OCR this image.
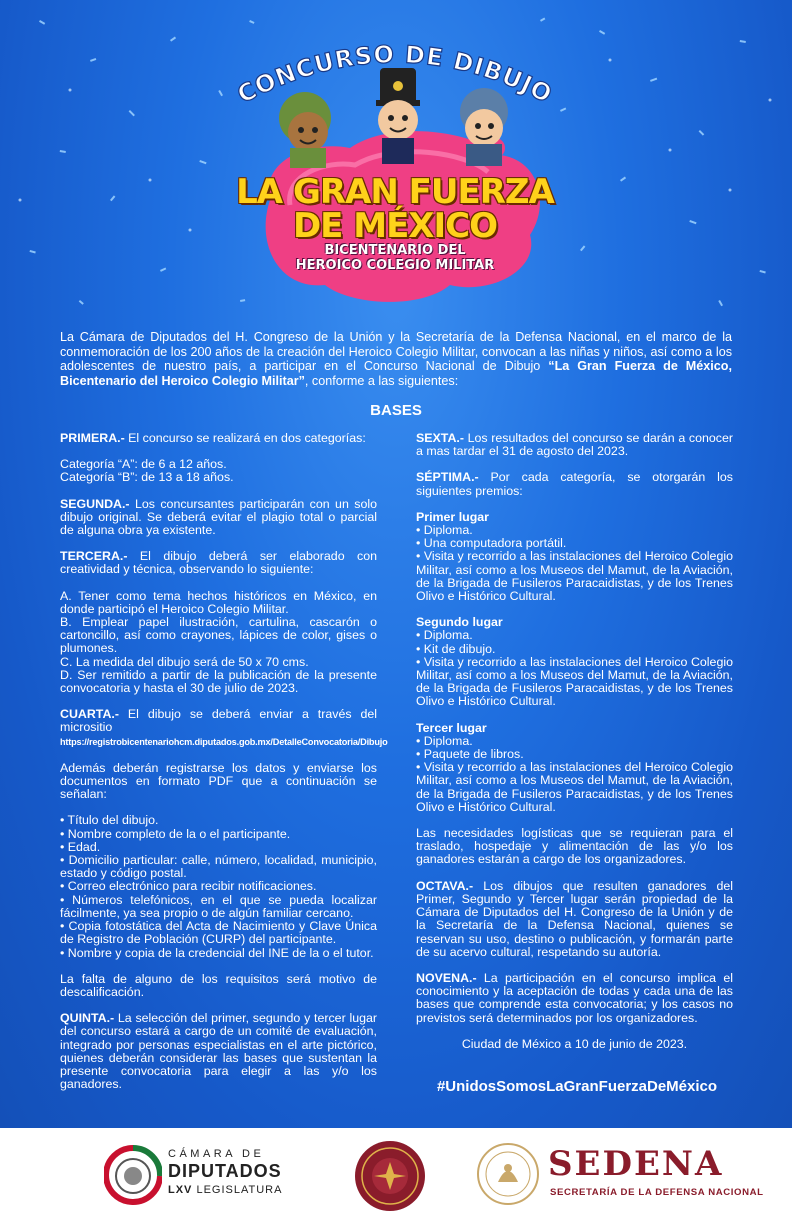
CONCURSO DE DIBUJO
LA GRAN FUERZA
DE MÉXICO
BICENTENARIO DEL
HEROICO COLEGIO MILITAR
La Cámara de Diputados del H. Congreso de la Unión y la Secretaría de la Defensa Nacional, en el marco de la conmemoración de los 200 años de la creación del Heroico Colegio Militar, convocan a las niñas y niños, así como a los adolescentes de nuestro país, a participar en el Concurso Nacional de Dibujo “La Gran Fuerza de México, Bicentenario del Heroico Colegio Militar”, conforme a las siguientes:
BASES

PRIMERA.- El concurso se realizará en dos categorías:

Categoría “A”: de 6 a 12 años.

Categoría “B”: de 13 a 18 años.

SEGUNDA.- Los concursantes participarán con un solo dibujo original. Se deberá evitar el plagio total o parcial de alguna obra ya existente.

TERCERA.- El dibujo deberá ser elaborado con creatividad y técnica, observando lo siguiente:

A. Tener como tema hechos históricos en México, en donde participó el Heroico Colegio Militar.

B. Emplear papel ilustración, cartulina, cascarón o cartoncillo, así como crayones, lápices de color, gises o plumones.

C. La medida del dibujo será de 50 x 70 cms.

D. Ser remitido a partir de la publicación de la presente convocatoria y hasta el 30 de julio de 2023.

CUARTA.- El dibujo se deberá enviar a través del micrositio
https://registrobicentenariohcm.diputados.gob.mx/DetalleConvocatoria/Dibujo

Además deberán registrarse los datos y enviarse los documentos en formato PDF que a continuación se señalan:

• Título del dibujo.

• Nombre completo de la o el participante.

• Edad.

• Domicilio particular: calle, número, localidad, municipio, estado y código postal.

• Correo electrónico para recibir notificaciones.

• Números telefónicos, en el que se pueda localizar fácilmente, ya sea propio o de algún familiar cercano.

• Copia fotostática del Acta de Nacimiento y Clave Única de Registro de Población (CURP) del participante.

• Nombre y copia de la credencial del INE de la o el tutor.

La falta de alguno de los requisitos será motivo de descalificación.

QUINTA.- La selección del primer, segundo y tercer lugar del concurso estará a cargo de un comité de evaluación, integrado por personas especialistas en el arte pictórico, quienes deberán considerar las bases que sustentan la presente convocatoria para elegir a las y/o los ganadores.

SEXTA.- Los resultados del concurso se darán a conocer a mas tardar el 31 de agosto del 2023.

SÉPTIMA.- Por cada categoría, se otorgarán los siguientes premios:

Primer lugar

• Diploma.

• Una computadora portátil.

• Visita y recorrido a las instalaciones del Heroico Colegio Militar, así como a los Museos del Mamut, de la Aviación, de la Brigada de Fusileros Paracaidistas, y de los Trenes Olivo e Histórico Cultural.

Segundo lugar

• Diploma.

• Kit de dibujo.

• Visita y recorrido a las instalaciones del Heroico Colegio Militar, así como a los Museos del Mamut, de la Aviación, de la Brigada de Fusileros Paracaidistas, y de los Trenes Olivo e Histórico Cultural.

Tercer lugar

• Diploma.

• Paquete de libros.

• Visita y recorrido a las instalaciones del Heroico Colegio Militar, así como a los Museos del Mamut, de la Aviación, de la Brigada de Fusileros Paracaidistas, y de los Trenes Olivo e Histórico Cultural.

Las necesidades logísticas que se requieran para el traslado, hospedaje y alimentación de las y/o los ganadores estarán a cargo de los organizadores.

OCTAVA.- Los dibujos que resulten ganadores del Primer, Segundo y Tercer lugar serán propiedad de la Cámara de Diputados del H. Congreso de la Unión y de la Secretaría de la Defensa Nacional, quienes se reservan su uso, destino o publicación, y formarán parte de su acervo cultural, respetando su autoría.

NOVENA.- La participación en el concurso implica el conocimiento y la aceptación de todas y cada una de las bases que comprende esta convocatoria; y los casos no previstos será determinados por los organizadores.

Ciudad de México a 10 de junio de 2023.

#UnidosSomosLaGranFuerzaDeMéxico
CÁMARA DE
DIPUTADOS
LXV LEGISLATURA
SEDENA
SECRETARÍA DE LA DEFENSA NACIONAL
